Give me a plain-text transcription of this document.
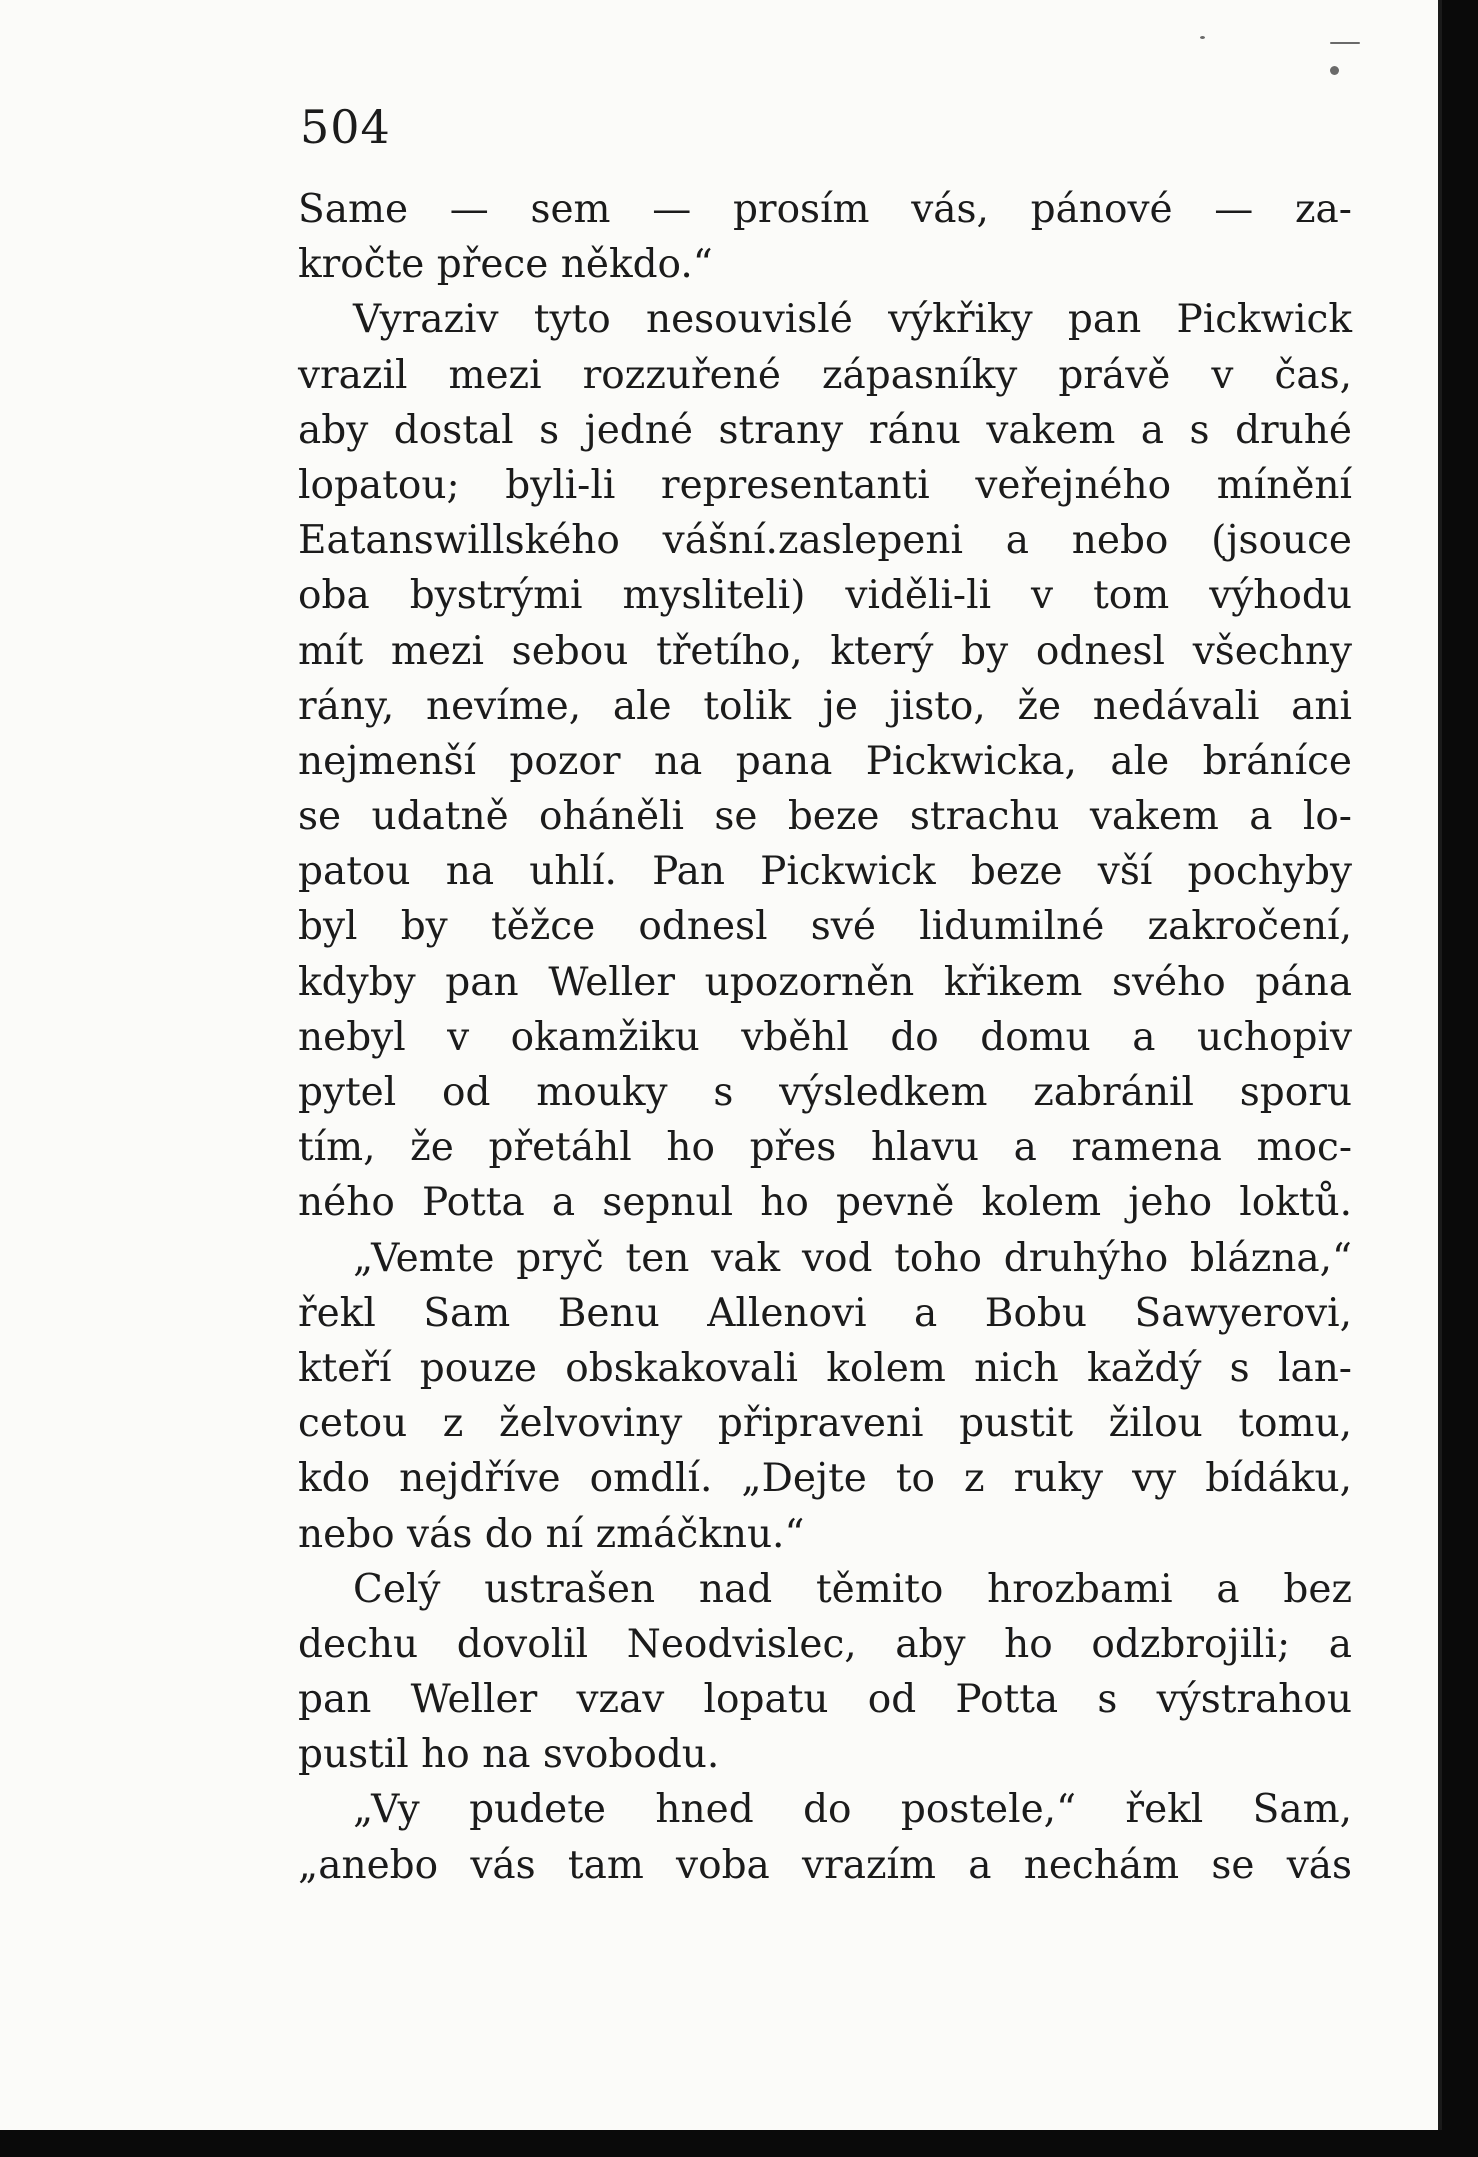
504
Same — sem — prosím vás, pánové — za-
kročte přece někdo.“
Vyraziv tyto nesouvislé výkřiky pan Pickwick
vrazil mezi rozzuřené zápasníky právě v čas,
aby dostal s jedné strany ránu vakem a s druhé
lopatou; byli-li representanti veřejného mínění
Eatanswillského vášní.zaslepeni a nebo (jsouce
oba bystrými mysliteli) viděli-li v tom výhodu
mít mezi sebou třetího, který by odnesl všechny
rány, nevíme, ale tolik je jisto, že nedávali ani
nejmenší pozor na pana Pickwicka, ale bráníce
se udatně oháněli se beze strachu vakem a lo-
patou na uhlí. Pan Pickwick beze vší pochyby
byl by těžce odnesl své lidumilné zakročení,
kdyby pan Weller upozorněn křikem svého pána
nebyl v okamžiku vběhl do domu a uchopiv
pytel od mouky s výsledkem zabránil sporu
tím, že přetáhl ho přes hlavu a ramena moc-
ného Potta a sepnul ho pevně kolem jeho loktů.
„Vemte pryč ten vak vod toho druhýho blázna,“
řekl Sam Benu Allenovi a Bobu Sawyerovi,
kteří pouze obskakovali kolem nich každý s lan-
cetou z želvoviny připraveni pustit žilou tomu,
kdo nejdříve omdlí. „Dejte to z ruky vy bídáku,
nebo vás do ní zmáčknu.“
Celý ustrašen nad těmito hrozbami a bez
dechu dovolil Neodvislec, aby ho odzbrojili; a
pan Weller vzav lopatu od Potta s výstrahou
pustil ho na svobodu.
„Vy pudete hned do postele,“ řekl Sam,
„anebo vás tam voba vrazím a nechám se vás
